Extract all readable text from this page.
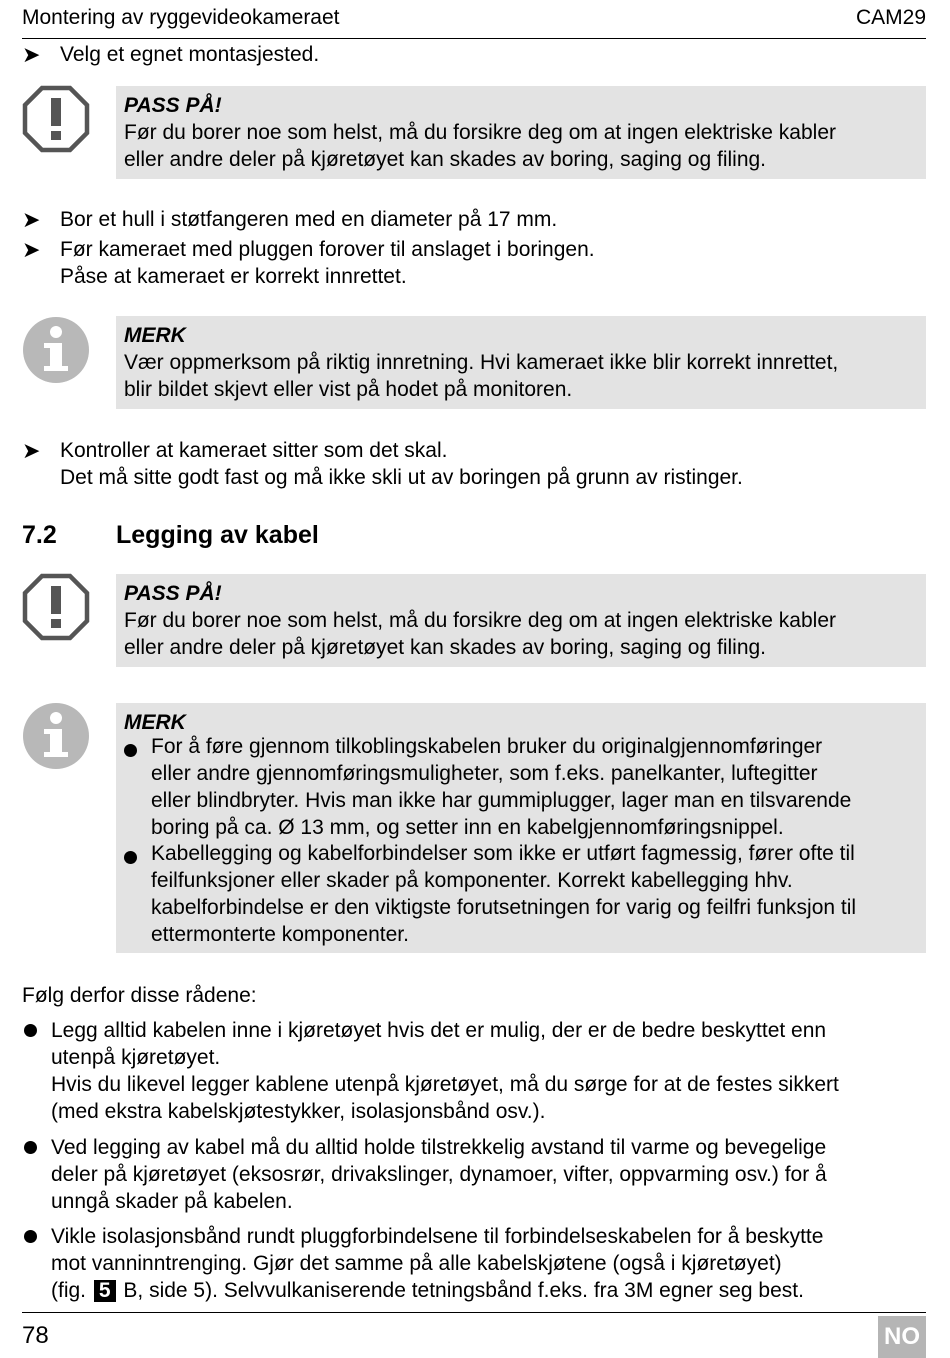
Montering av ryggevideokameraet	CAM29
➤ Velg et egnet montasjested.
PASS PÅ!
Før du borer noe som helst, må du forsikre deg om at ingen elektriske kabler
eller andre deler på kjøretøyet kan skades av boring, saging og filing.
➤ Bor et hull i støtfangeren med en diameter på 17 mm.
➤ Før kameraet med pluggen forover til anslaget i boringen.
Påse at kameraet er korrekt innrettet.
MERK
Vær oppmerksom på riktig innretning. Hvi kameraet ikke blir korrekt innrettet,
blir bildet skjevt eller vist på hodet på monitoren.
➤ Kontroller at kameraet sitter som det skal.
Det må sitte godt fast og må ikke skli ut av boringen på grunn av ristinger.
7.2 Legging av kabel
PASS PÅ!
Før du borer noe som helst, må du forsikre deg om at ingen elektriske kabler
eller andre deler på kjøretøyet kan skades av boring, saging og filing.
MERK
For å føre gjennom tilkoblingskabelen bruker du originalgjennomføringer
eller andre gjennomføringsmuligheter, som f.eks. panelkanter, luftegitter
eller blindbryter. Hvis man ikke har gummiplugger, lager man en tilsvarende
boring på ca. Ø 13 mm, og setter inn en kabelgjennomføringsnippel.
Kabellegging og kabelforbindelser som ikke er utført fagmessig, fører ofte til
feilfunksjoner eller skader på komponenter. Korrekt kabellegging hhv.
kabelforbindelse er den viktigste forutsetningen for varig og feilfri funksjon til
ettermonterte komponenter.
Følg derfor disse rådene:
Legg alltid kabelen inne i kjøretøyet hvis det er mulig, der er de bedre beskyttet enn
utenpå kjøretøyet.
Hvis du likevel legger kablene utenpå kjøretøyet, må du sørge for at de festes sikkert
(med ekstra kabelskjøtestykker, isolasjonsbånd osv.).
Ved legging av kabel må du alltid holde tilstrekkelig avstand til varme og bevegelige
deler på kjøretøyet (eksosrør, drivakslinger, dynamoer, vifter, oppvarming osv.) for å
unngå skader på kabelen.
Vikle isolasjonsbånd rundt pluggforbindelsene til forbindelseskabelen for å beskytte
mot vanninntrenging. Gjør det samme på alle kabelskjøtene (også i kjøretøyet)
(fig. 5 B, side 5). Selvvulkaniserende tetningsbånd f.eks. fra 3M egner seg best.
78	NO
